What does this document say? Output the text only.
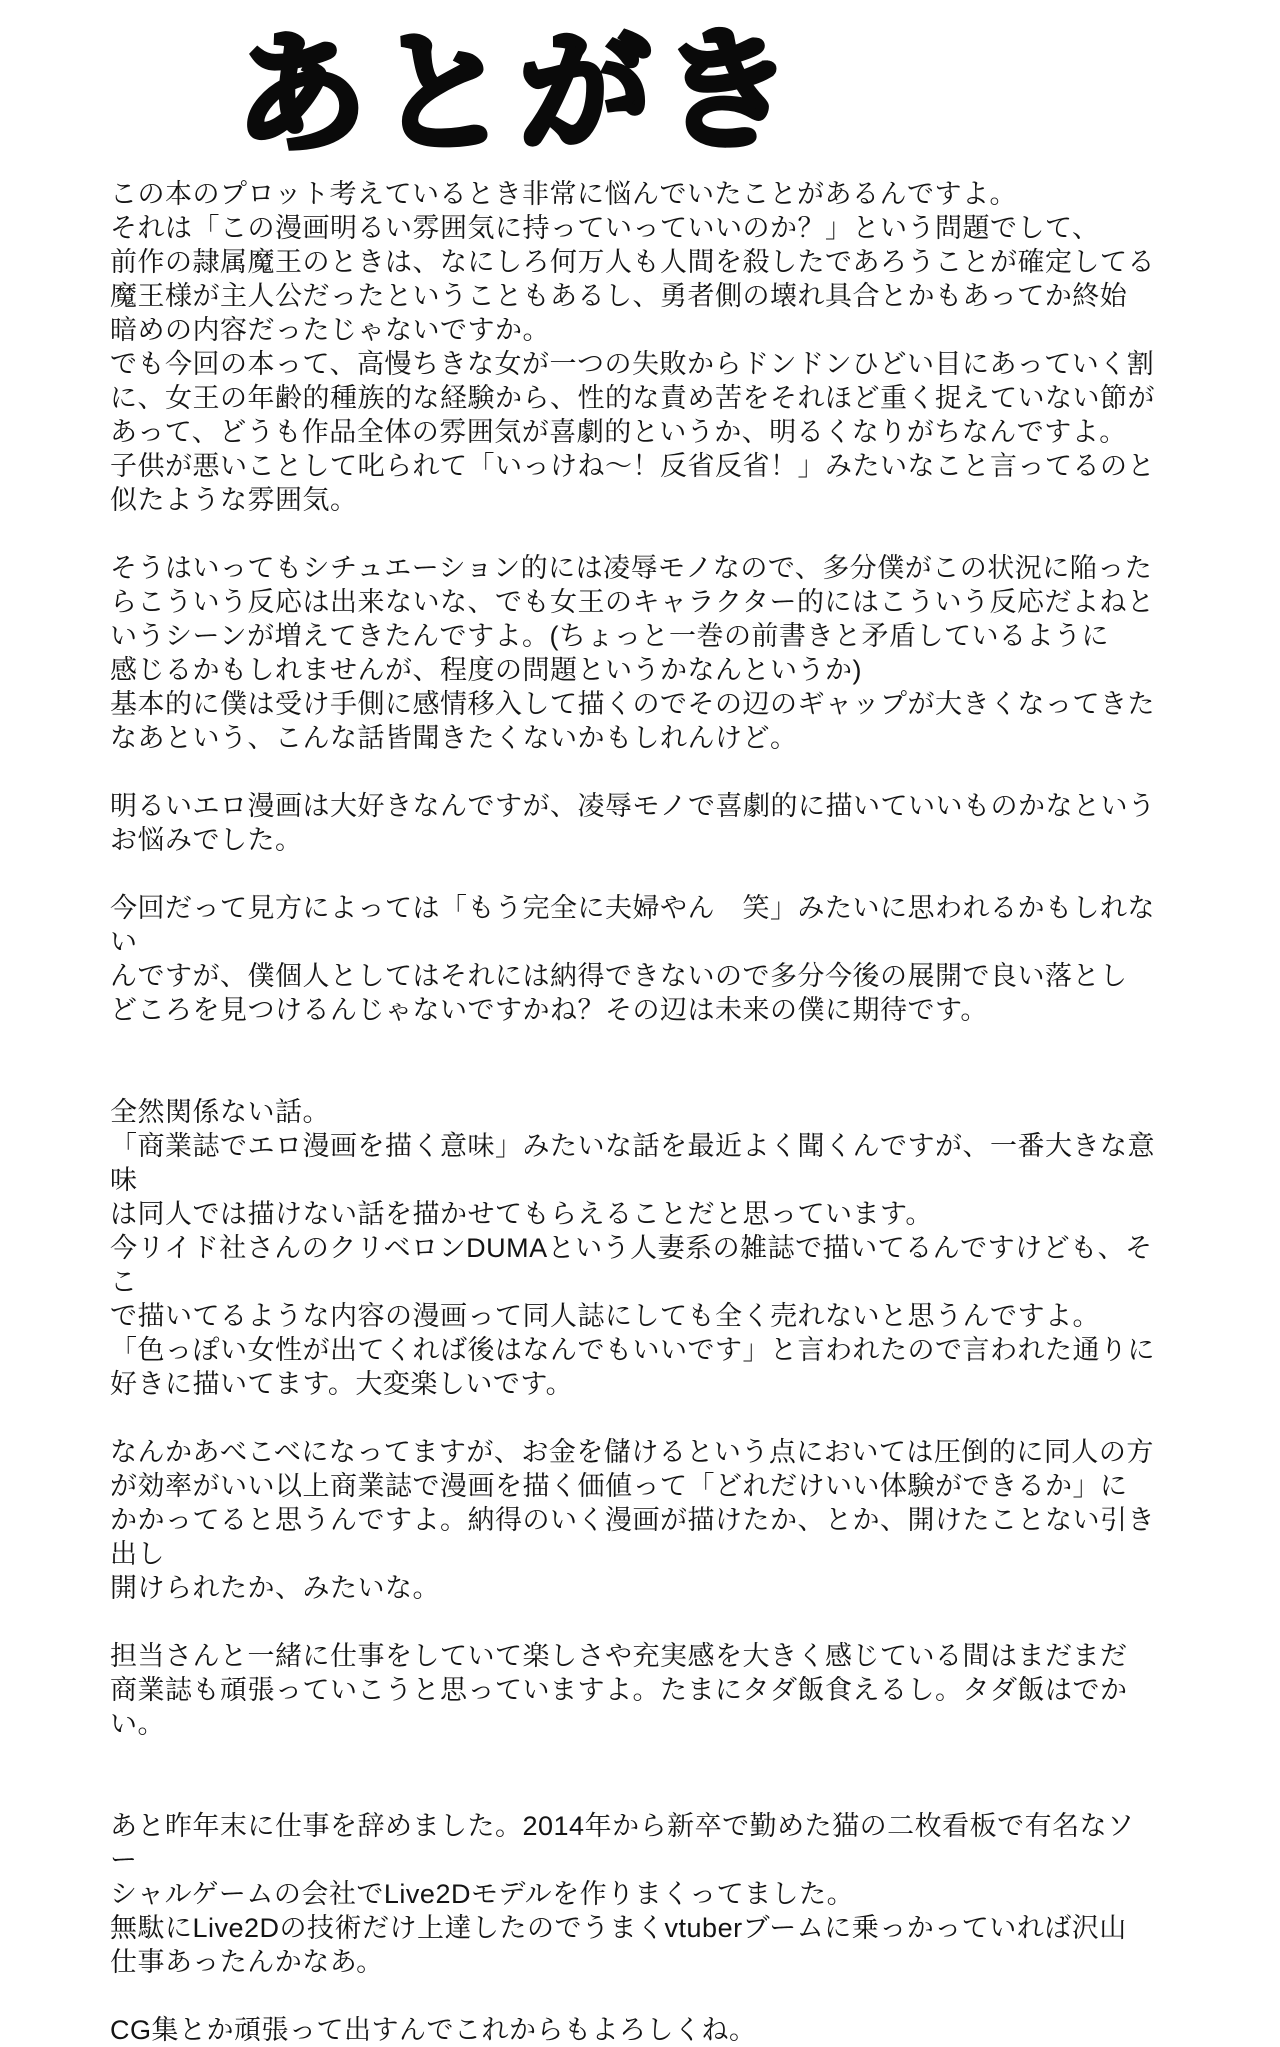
あとがき
この本のプロット考えているとき非常に悩んでいたことがあるんですよ。
それは「この漫画明るい雰囲気に持っていっていいのか？」という問題でして、
前作の隷属魔王のときは、なにしろ何万人も人間を殺したであろうことが確定してる
魔王様が主人公だったということもあるし、勇者側の壊れ具合とかもあってか終始
暗めの内容だったじゃないですか。
でも今回の本って、高慢ちきな女が一つの失敗からドンドンひどい目にあっていく割
に、女王の年齢的種族的な経験から、性的な責め苦をそれほど重く捉えていない節が
あって、どうも作品全体の雰囲気が喜劇的というか、明るくなりがちなんですよ。
子供が悪いことして叱られて「いっけね〜！反省反省！」みたいなこと言ってるのと
似たような雰囲気。
そうはいってもシチュエーション的には凌辱モノなので、多分僕がこの状況に陥った
らこういう反応は出来ないな、でも女王のキャラクター的にはこういう反応だよねと
いうシーンが増えてきたんですよ。(ちょっと一巻の前書きと矛盾しているように
感じるかもしれませんが、程度の問題というかなんというか)
基本的に僕は受け手側に感情移入して描くのでその辺のギャップが大きくなってきた
なあという、こんな話皆聞きたくないかもしれんけど。
明るいエロ漫画は大好きなんですが、凌辱モノで喜劇的に描いていいものかなという
お悩みでした。
今回だって見方によっては「もう完全に夫婦やん　笑」みたいに思われるかもしれない
んですが、僕個人としてはそれには納得できないので多分今後の展開で良い落とし
どころを見つけるんじゃないですかね？その辺は未来の僕に期待です。
全然関係ない話。
「商業誌でエロ漫画を描く意味」みたいな話を最近よく聞くんですが、一番大きな意味
は同人では描けない話を描かせてもらえることだと思っています。
今リイド社さんのクリベロンDUMAという人妻系の雑誌で描いてるんですけども、そこ
で描いてるような内容の漫画って同人誌にしても全く売れないと思うんですよ。
「色っぽい女性が出てくれば後はなんでもいいです」と言われたので言われた通りに
好きに描いてます。大変楽しいです。
なんかあべこべになってますが、お金を儲けるという点においては圧倒的に同人の方
が効率がいい以上商業誌で漫画を描く価値って「どれだけいい体験ができるか」に
かかってると思うんですよ。納得のいく漫画が描けたか、とか、開けたことない引き出し
開けられたか、みたいな。
担当さんと一緒に仕事をしていて楽しさや充実感を大きく感じている間はまだまだ
商業誌も頑張っていこうと思っていますよ。たまにタダ飯食えるし。タダ飯はでかい。
あと昨年末に仕事を辞めました。2014年から新卒で勤めた猫の二枚看板で有名なソー
シャルゲームの会社でLive2Dモデルを作りまくってました。
無駄にLive2Dの技術だけ上達したのでうまくvtuberブームに乗っかっていれば沢山
仕事あったんかなあ。
CG集とか頑張って出すんでこれからもよろしくね。
